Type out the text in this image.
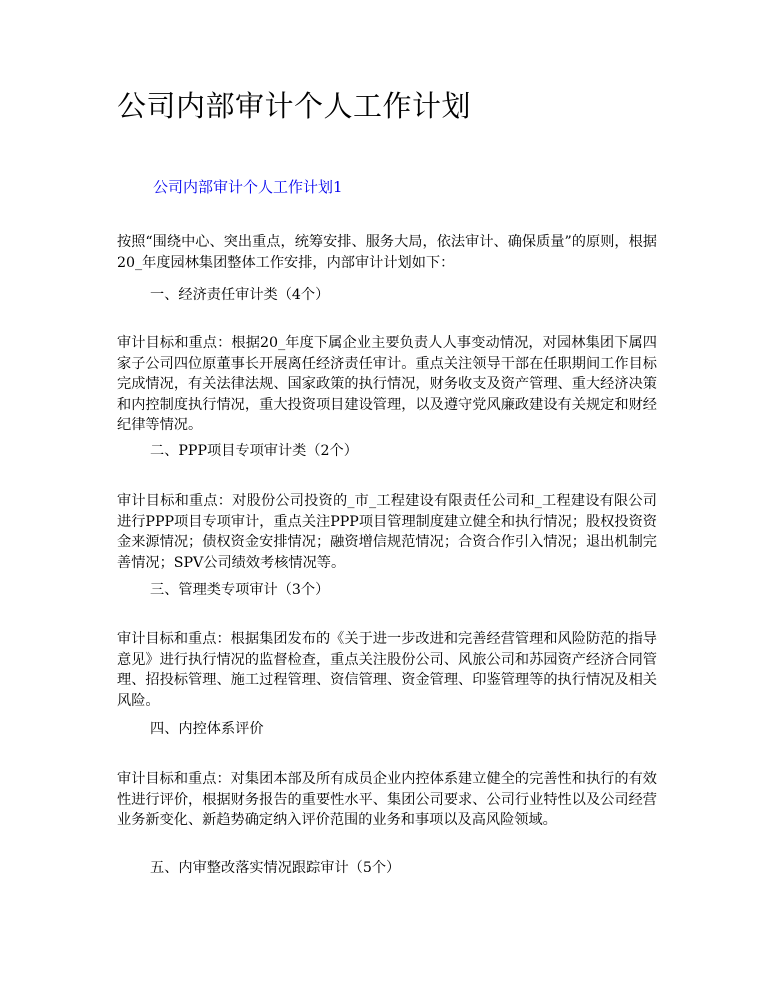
公司内部审计个人工作计划
公司内部审计个人工作计划1

按照“围绕中心、突出重点，统筹安排、服务大局，依法审计、确保质量”的原则，根据20_年度园林集团整体工作安排，内部审计计划如下：

一、经济责任审计类（4个）

审计目标和重点：根据20_年度下属企业主要负责人人事变动情况，对园林集团下属四家子公司四位原董事长开展离任经济责任审计。重点关注领导干部在任职期间工作目标完成情况，有关法律法规、国家政策的执行情况，财务收支及资产管理、重大经济决策和内控制度执行情况，重大投资项目建设管理，以及遵守党风廉政建设有关规定和财经纪律等情况。

二、PPP项目专项审计类（2个）

审计目标和重点：对股份公司投资的_市_工程建设有限责任公司和_工程建设有限公司进行PPP项目专项审计，重点关注PPP项目管理制度建立健全和执行情况；股权投资资金来源情况；债权资金安排情况；融资增信规范情况；合资合作引入情况；退出机制完善情况；SPV公司绩效考核情况等。

三、管理类专项审计（3个）

审计目标和重点：根据集团发布的《关于进一步改进和完善经营管理和风险防范的指导意见》进行执行情况的监督检查，重点关注股份公司、风旅公司和苏园资产经济合同管理、招投标管理、施工过程管理、资信管理、资金管理、印鉴管理等的执行情况及相关风险。

四、内控体系评价

审计目标和重点：对集团本部及所有成员企业内控体系建立健全的完善性和执行的有效性进行评价，根据财务报告的重要性水平、集团公司要求、公司行业特性以及公司经营业务新变化、新趋势确定纳入评价范围的业务和事项以及高风险领域。

五、内审整改落实情况跟踪审计（5个）
